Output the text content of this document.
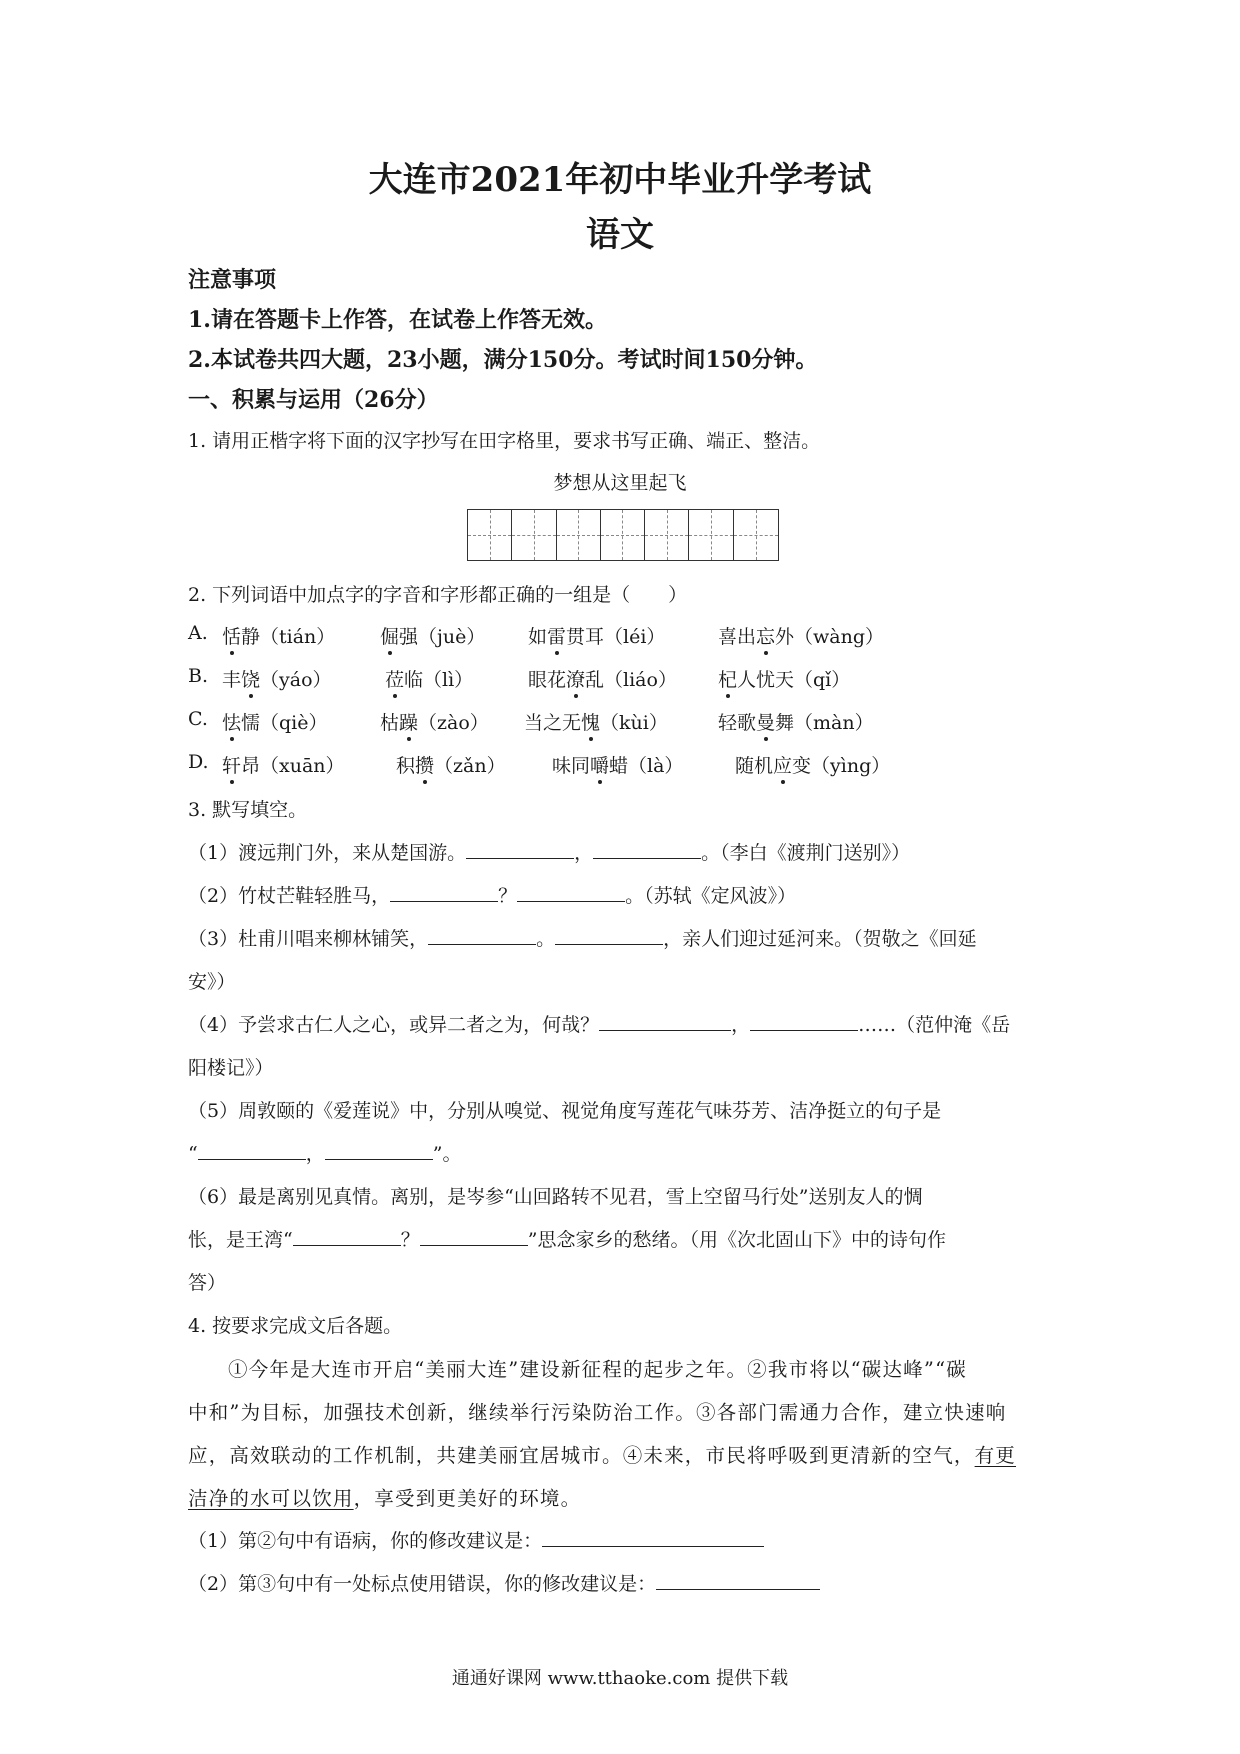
大连市2021年初中毕业升学考试
语文
注意事项
1.请在答题卡上作答，在试卷上作答无效。
2.本试卷共四大题，23小题，满分150分。考试时间150分钟。
一、积累与运用（26分）
1. 请用正楷字将下面的汉字抄写在田字格里，要求书写正确、端正、整洁。
梦想从这里起飞
2. 下列词语中加点字的字音和字形都正确的一组是（　　）
A. 恬静（tián） 倔强（juè） 如雷贯耳（léi）	喜出忘外（wàng）
B. 丰饶（yáo）	莅临（lì）	眼花潦乱（liáo） 杞人忧天（qǐ）
C. 怯懦（qiè）	枯躁（zào） 当之无愧（kùi）	轻歌曼舞（màn）
D. 轩昂（xuān）	积攒（zǎn） 味同嚼蜡（là）	随机应变（yìng）
3. 默写填空。
（1）渡远荆门外，来从楚国游。	，	。（李白《渡荆门送别》）
（2）竹杖芒鞋轻胜马，	？	。（苏轼《定风波》）
（3）杜甫川唱来柳林铺笑，	。	，亲人们迎过延河来。（贺敬之《回延
安》）
（4）予尝求古仁人之心，或异二者之为，何哉？	，	……（范仲淹《岳
阳楼记》）
（5）周敦颐的《爱莲说》中，分别从嗅觉、视觉角度写莲花气味芬芳、洁净挺立的句子是
“	，	”。
（6）最是离别见真情。离别，是岑参“山回路转不见君，雪上空留马行处”送别友人的惆
怅，是王湾“	？	”思念家乡的愁绪。（用《次北固山下》中的诗句作
答）
4. 按要求完成文后各题。
①今年是大连市开启“美丽大连”建设新征程的起步之年。②我市将以“碳达峰”“碳
中和”为目标，加强技术创新，继续举行污染防治工作。③各部门需通力合作，建立快速响
应，高效联动的工作机制，共建美丽宜居城市。④未来，市民将呼吸到更清新的空气，有更
洁净的水可以饮用，享受到更美好的环境。
（1）第②句中有语病，你的修改建议是：
（2）第③句中有一处标点使用错误，你的修改建议是：
通通好课网 www.tthaoke.com 提供下载
